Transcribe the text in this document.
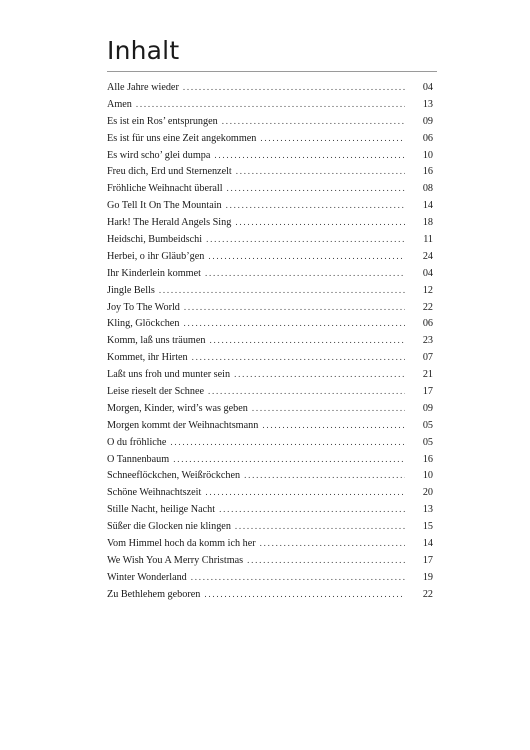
Inhalt
Alle Jahre wieder . . .	04
Amen . . .	13
Es ist ein Ros’ entsprungen . . .	09
Es ist für uns eine Zeit angekommen . . .	06
Es wird scho’ glei dumpa . . .	10
Freu dich, Erd und Sternenzelt . . .	16
Fröhliche Weihnacht überall . . .	08
Go Tell It On The Mountain . . .	14
Hark! The Herald Angels Sing . . .	18
Heidschi, Bumbeidschi . . .	11
Herbei, o ihr Gläub’gen . . .	24
Ihr Kinderlein kommet . . .	04
Jingle Bells . . .	12
Joy To The World . . .	22
Kling, Glöckchen . . .	06
Komm, laß uns träumen . . .	23
Kommet, ihr Hirten . . .	07
Laßt uns froh und munter sein . . .	21
Leise rieselt der Schnee . . .	17
Morgen, Kinder, wird’s was geben . . .	09
Morgen kommt der Weihnachtsmann . . .	05
O du fröhliche . . .	05
O Tannenbaum . . .	16
Schneeflöckchen, Weißröckchen . . .	10
Schöne Weihnachtszeit . . .	20
Stille Nacht, heilige Nacht . . .	13
Süßer die Glocken nie klingen . . .	15
Vom Himmel hoch da komm ich her . . .	14
We Wish You A Merry Christmas . . .	17
Winter Wonderland . . .	19
Zu Bethlehem geboren . . .	22
